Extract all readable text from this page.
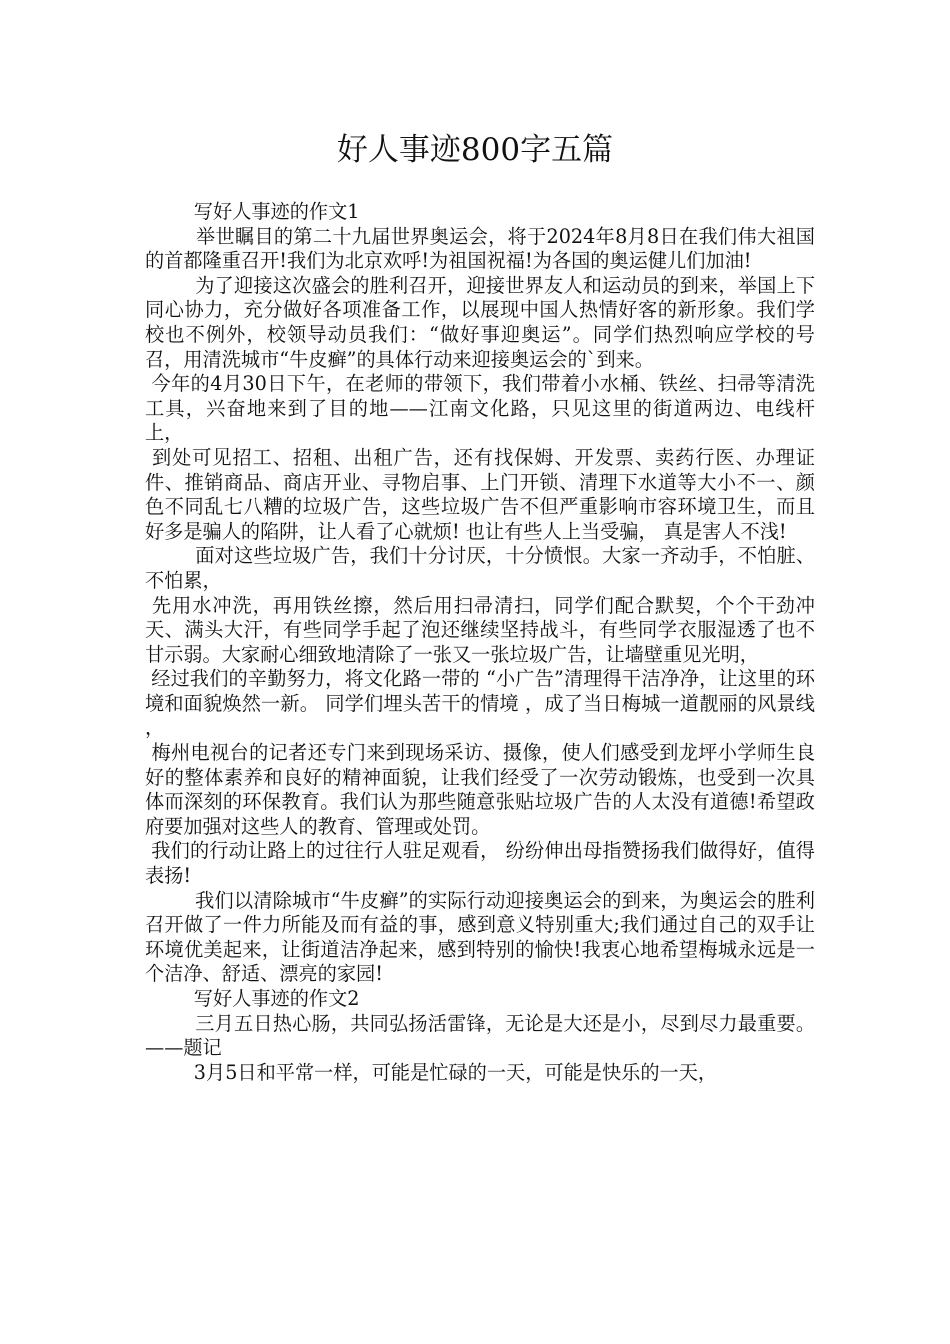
好人事迹800字五篇

写好人事迹的作文1

举世瞩目的第二十九届世界奥运会，将于2024年8月8日在我们伟大祖国的首都隆重召开!我们为北京欢呼!为祖国祝福!为各国的奥运健儿们加油!

为了迎接这次盛会的胜利召开，迎接世界友人和运动员的到来，举国上下同心协力，充分做好各项准备工作，以展现中国人热情好客的新形象。我们学校也不例外，校领导动员我们：“做好事迎奥运”。同学们热烈响应学校的号召，用清洗城市“牛皮癣”的具体行动来迎接奥运会的`到来。

今年的4月30日下午，在老师的带领下，我们带着小水桶、铁丝、扫帚等清洗工具，兴奋地来到了目的地——江南文化路，只见这里的街道两边、电线杆上，

到处可见招工、招租、出租广告，还有找保姆、开发票、卖药行医、办理证件、推销商品、商店开业、寻物启事、上门开锁、清理下水道等大小不一、颜色不同乱七八糟的垃圾广告，这些垃圾广告不但严重影响市容环境卫生，而且好多是骗人的陷阱，让人看了心就烦! 也让有些人上当受骗， 真是害人不浅!

面对这些垃圾广告，我们十分讨厌，十分愤恨。大家一齐动手，不怕脏、不怕累，

先用水冲洗，再用铁丝擦，然后用扫帚清扫，同学们配合默契，个个干劲冲天、满头大汗，有些同学手起了泡还继续坚持战斗，有些同学衣服湿透了也不甘示弱。大家耐心细致地清除了一张又一张垃圾广告，让墙壁重见光明，

经过我们的辛勤努力，将文化路一带的 “小广告”清理得干洁净净，让这里的环境和面貌焕然一新。 同学们埋头苦干的情境 ，成了当日梅城一道靓丽的风景线 ，

梅州电视台的记者还专门来到现场采访、摄像，使人们感受到龙坪小学师生良好的整体素养和良好的精神面貌，让我们经受了一次劳动锻炼，也受到一次具体而深刻的环保教育。我们认为那些随意张贴垃圾广告的人太没有道德!希望政府要加强对这些人的教育、管理或处罚。

我们的行动让路上的过往行人驻足观看， 纷纷伸出母指赞扬我们做得好，值得表扬!

我们以清除城市“牛皮癣”的实际行动迎接奥运会的到来，为奥运会的胜利召开做了一件力所能及而有益的事，感到意义特别重大;我们通过自己的双手让环境优美起来，让街道洁净起来，感到特别的愉快!我衷心地希望梅城永远是一个洁净、舒适、漂亮的家园!

写好人事迹的作文2

三月五日热心肠，共同弘扬活雷锋，无论是大还是小，尽到尽力最重要。——题记

3月5日和平常一样，可能是忙碌的一天，可能是快乐的一天，
